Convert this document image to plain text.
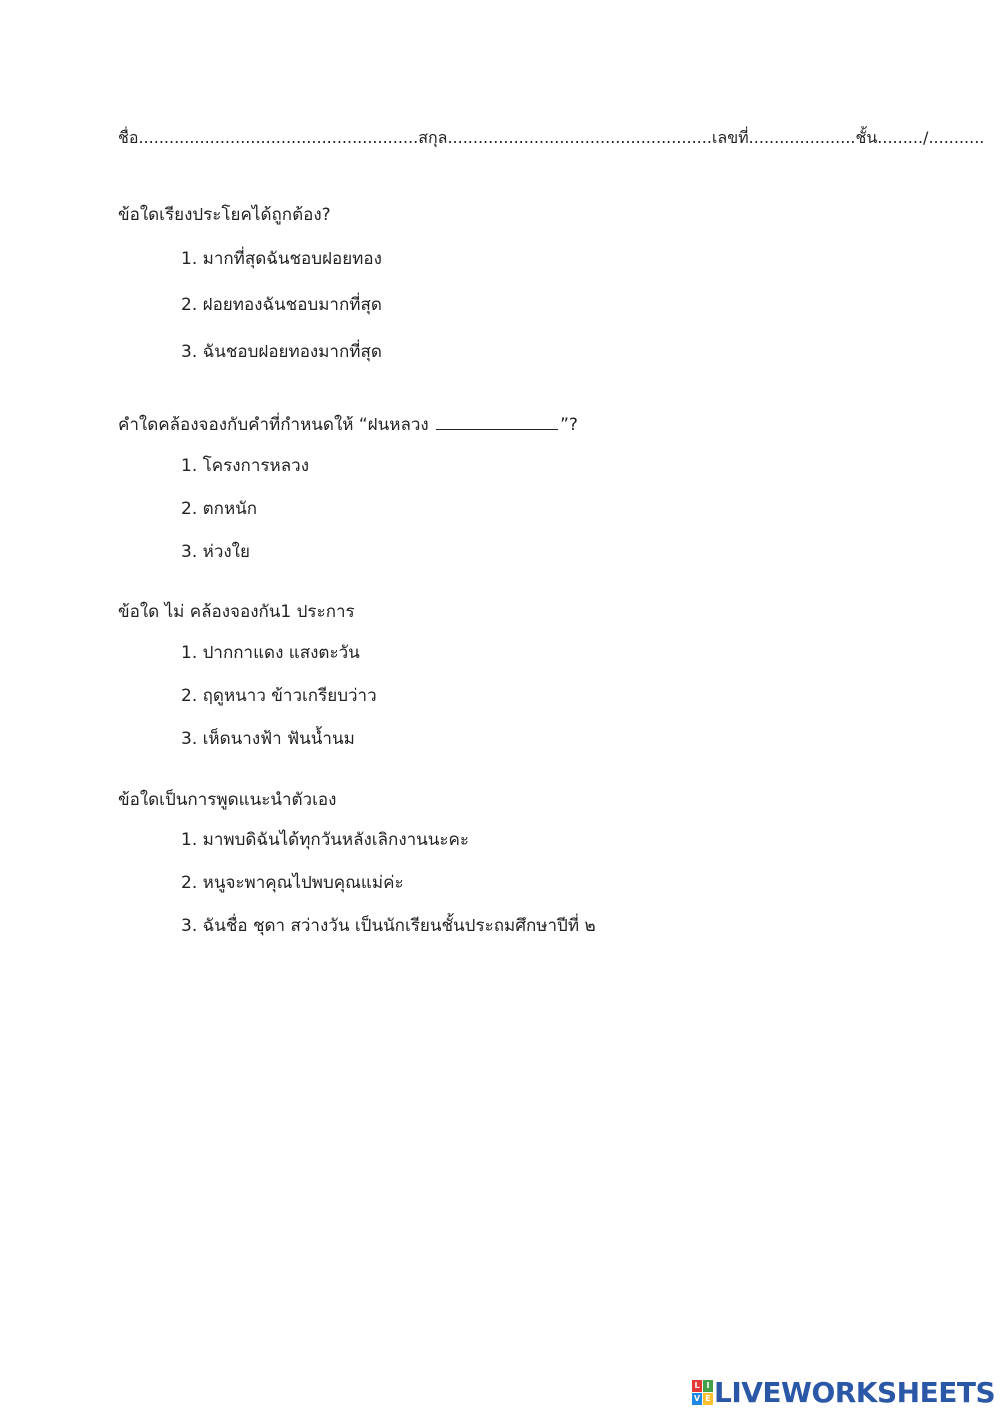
ชื่อ.......................................................สกุล....................................................เลขที่.....................ชั้น........./...........
ข้อใดเรียงประโยคได้ถูกต้อง?
1. มากที่สุดฉันชอบฝอยทอง
2. ฝอยทองฉันชอบมากที่สุด
3. ฉันชอบฝอยทองมากที่สุด
คำใดคล้องจองกับคำที่กำหนดให้ “ฝนหลวง	”?
1. โครงการหลวง
2. ตกหนัก
3. ห่วงใย
ข้อใด ไม่ คล้องจองกัน1 ประการ
1. ปากกาแดง แสงตะวัน
2. ฤดูหนาว ข้าวเกรียบว่าว
3. เห็ดนางฟ้า ฟันน้ำนม
ข้อใดเป็นการพูดแนะนำตัวเอง
1. มาพบดิฉันได้ทุกวันหลังเลิกงานนะคะ
2. หนูจะพาคุณไปพบคุณแม่ค่ะ
3. ฉันชื่อ ชุดา สว่างวัน เป็นนักเรียนชั้นประถมศึกษาปีที่ ๒
L I
V E LIVEWORKSHEETS
